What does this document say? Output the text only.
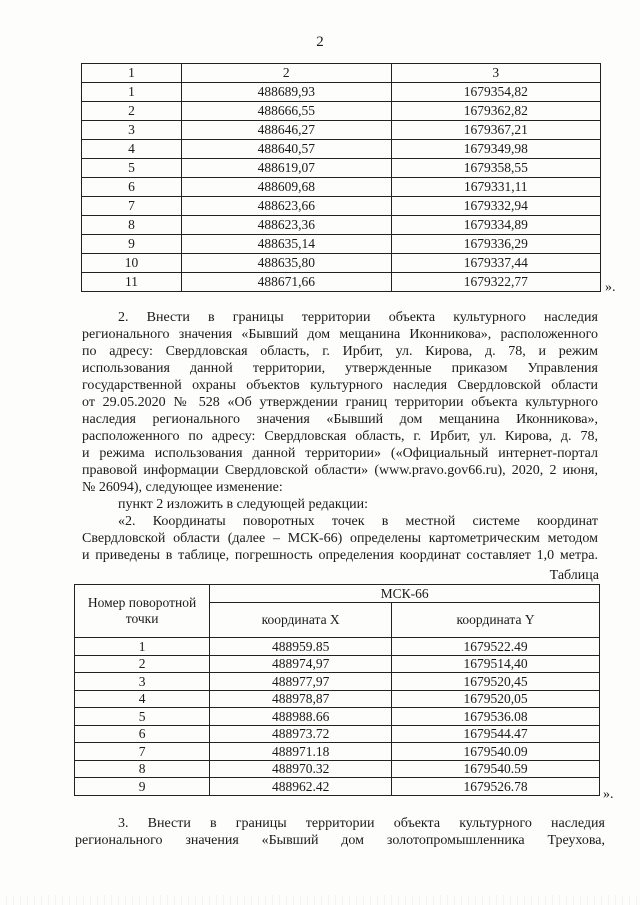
2
1	2	3
1	488689,93	1679354,82
2	488666,55	1679362,82
3	488646,27	1679367,21
4	488640,57	1679349,98
5	488619,07	1679358,55
6	488609,68	1679331,11
7	488623,66	1679332,94
8	488623,36	1679334,89
9	488635,14	1679336,29
10	488635,80	1679337,44
11	488671,66	1679322,77	».
2. Внести в границы территории объекта культурного наследия
регионального значения «Бывший дом мещанина Иконникова», расположенного
по адресу: Свердловская область, г. Ирбит, ул. Кирова, д. 78, и режим
использования данной территории, утвержденные приказом Управления
государственной охраны объектов культурного наследия Свердловской области
от 29.05.2020 № 528 «Об утверждении границ территории объекта культурного
наследия регионального значения «Бывший дом мещанина Иконникова»,
расположенного по адресу: Свердловская область, г. Ирбит, ул. Кирова, д. 78,
и режима использования данной территории» («Официальный интернет-портал
правовой информации Свердловской области» (www.pravo.gov66.ru), 2020, 2 июня,
№ 26094), следующее изменение:
пункт 2 изложить в следующей редакции:
«2. Координаты поворотных точек в местной системе координат
Свердловской области (далее – МСК-66) определены картометрическим методом
и приведены в таблице, погрешность определения координат составляет 1,0 метра.
Таблица
Номер поворотной точки	МСК-66	
	координата X	координата Y
1	488959.85	1679522.49
2	488974,97	1679514,40
3	488977,97	1679520,45
4	488978,87	1679520,05
5	488988.66	1679536.08
6	488973.72	1679544.47
7	488971.18	1679540.09
8	488970.32	1679540.59
9	488962.42	1679526.78
».
3. Внести в границы территории объекта культурного наследия
регионального значения «Бывший дом золотопромышленника Треухова,
